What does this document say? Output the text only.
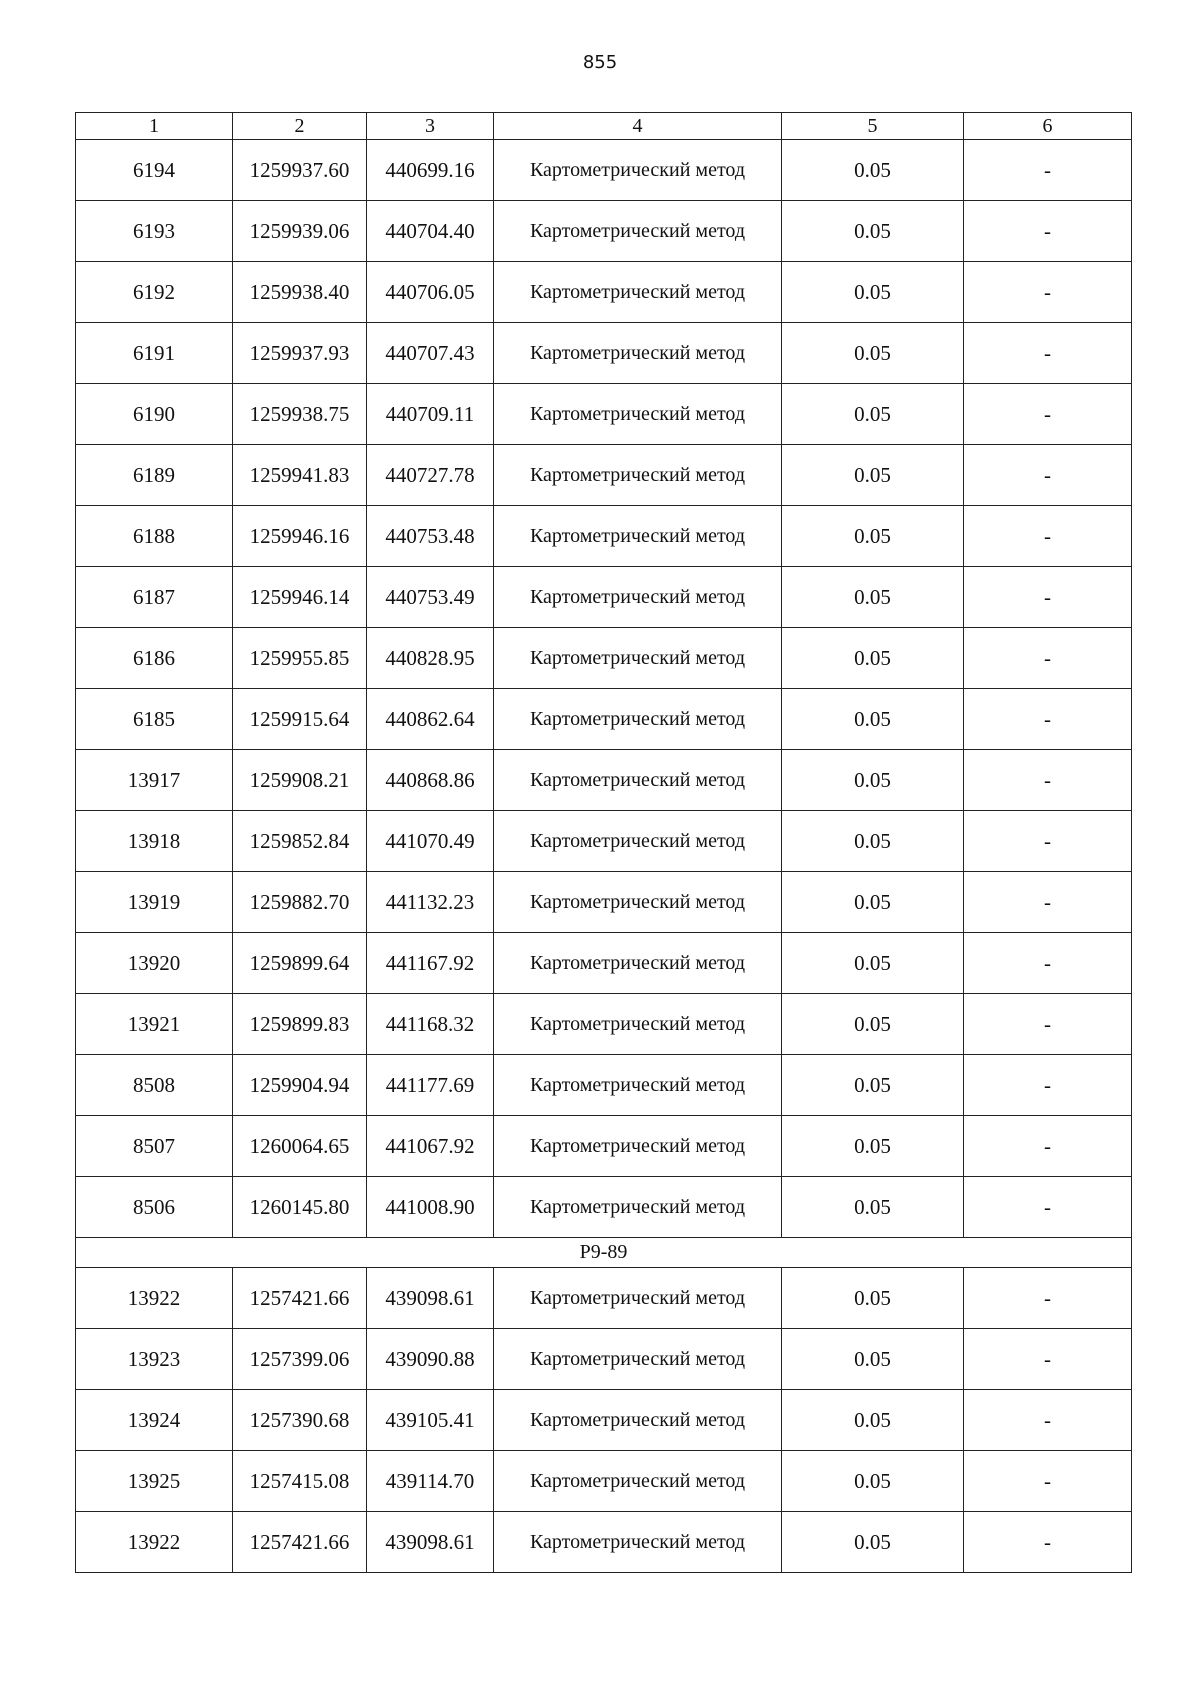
855
1	2	3	4	5	6
6194	1259937.60	440699.16	Картометрический метод	0.05	-
6193	1259939.06	440704.40	Картометрический метод	0.05	-
6192	1259938.40	440706.05	Картометрический метод	0.05	-
6191	1259937.93	440707.43	Картометрический метод	0.05	-
6190	1259938.75	440709.11	Картометрический метод	0.05	-
6189	1259941.83	440727.78	Картометрический метод	0.05	-
6188	1259946.16	440753.48	Картометрический метод	0.05	-
6187	1259946.14	440753.49	Картометрический метод	0.05	-
6186	1259955.85	440828.95	Картометрический метод	0.05	-
6185	1259915.64	440862.64	Картометрический метод	0.05	-
13917	1259908.21	440868.86	Картометрический метод	0.05	-
13918	1259852.84	441070.49	Картометрический метод	0.05	-
13919	1259882.70	441132.23	Картометрический метод	0.05	-
13920	1259899.64	441167.92	Картометрический метод	0.05	-
13921	1259899.83	441168.32	Картометрический метод	0.05	-
8508	1259904.94	441177.69	Картометрический метод	0.05	-
8507	1260064.65	441067.92	Картометрический метод	0.05	-
8506	1260145.80	441008.90	Картометрический метод	0.05	-
Р9-89					
13922	1257421.66	439098.61	Картометрический метод	0.05	-
13923	1257399.06	439090.88	Картометрический метод	0.05	-
13924	1257390.68	439105.41	Картометрический метод	0.05	-
13925	1257415.08	439114.70	Картометрический метод	0.05	-
13922	1257421.66	439098.61	Картометрический метод	0.05	-
